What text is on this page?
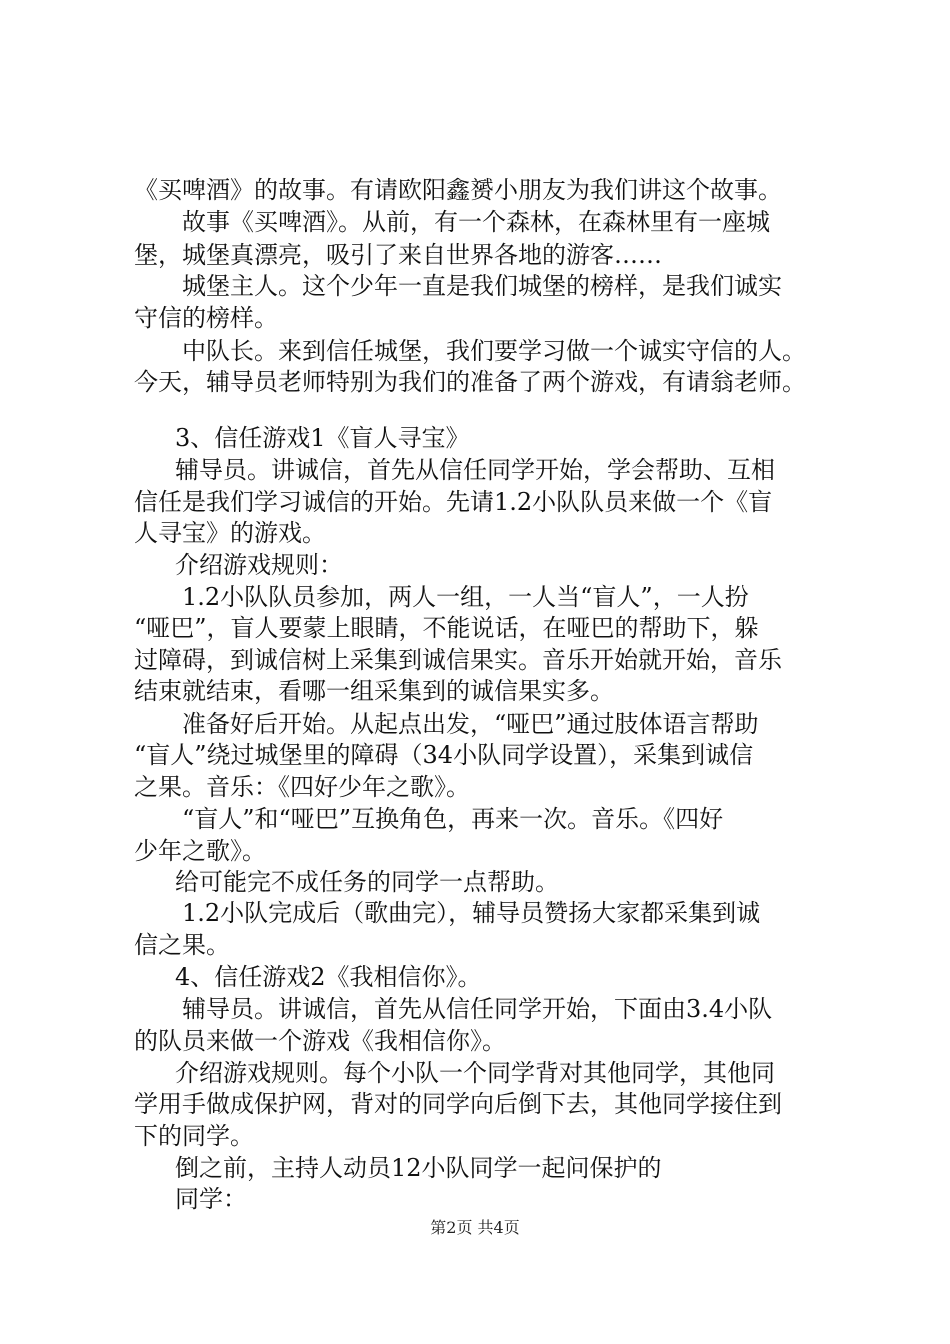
《买啤酒》的故事。有请欧阳鑫赟小朋友为我们讲这个故事。
故事《买啤酒》。从前，有一个森林，在森林里有一座城
堡，城堡真漂亮，吸引了来自世界各地的游客……
城堡主人。这个少年一直是我们城堡的榜样，是我们诚实
守信的榜样。
中队长。来到信任城堡，我们要学习做一个诚实守信的人。
今天，辅导员老师特别为我们的准备了两个游戏，有请翁老师。
3、信任游戏1《盲人寻宝》
辅导员。讲诚信，首先从信任同学开始，学会帮助、互相
信任是我们学习诚信的开始。先请1.2小队队员来做一个《盲
人寻宝》的游戏。
介绍游戏规则：
1.2小队队员参加，两人一组，一人当“盲人”，一人扮
“哑巴”，盲人要蒙上眼睛，不能说话，在哑巴的帮助下，躲
过障碍，到诚信树上采集到诚信果实。音乐开始就开始，音乐
结束就结束，看哪一组采集到的诚信果实多。
准备好后开始。从起点出发，“哑巴”通过肢体语言帮助
“盲人”绕过城堡里的障碍（34小队同学设置），采集到诚信
之果。音乐：《四好少年之歌》。
“盲人”和“哑巴”互换角色，再来一次。音乐。《四好
少年之歌》。
给可能完不成任务的同学一点帮助。
1.2小队完成后（歌曲完），辅导员赞扬大家都采集到诚
信之果。
4、信任游戏2《我相信你》。
辅导员。讲诚信，首先从信任同学开始，下面由3.4小队
的队员来做一个游戏《我相信你》。
介绍游戏规则。每个小队一个同学背对其他同学，其他同
学用手做成保护网，背对的同学向后倒下去，其他同学接住到
下的同学。
倒之前，主持人动员12小队同学一起问保护的
同学：
第2页 共4页
